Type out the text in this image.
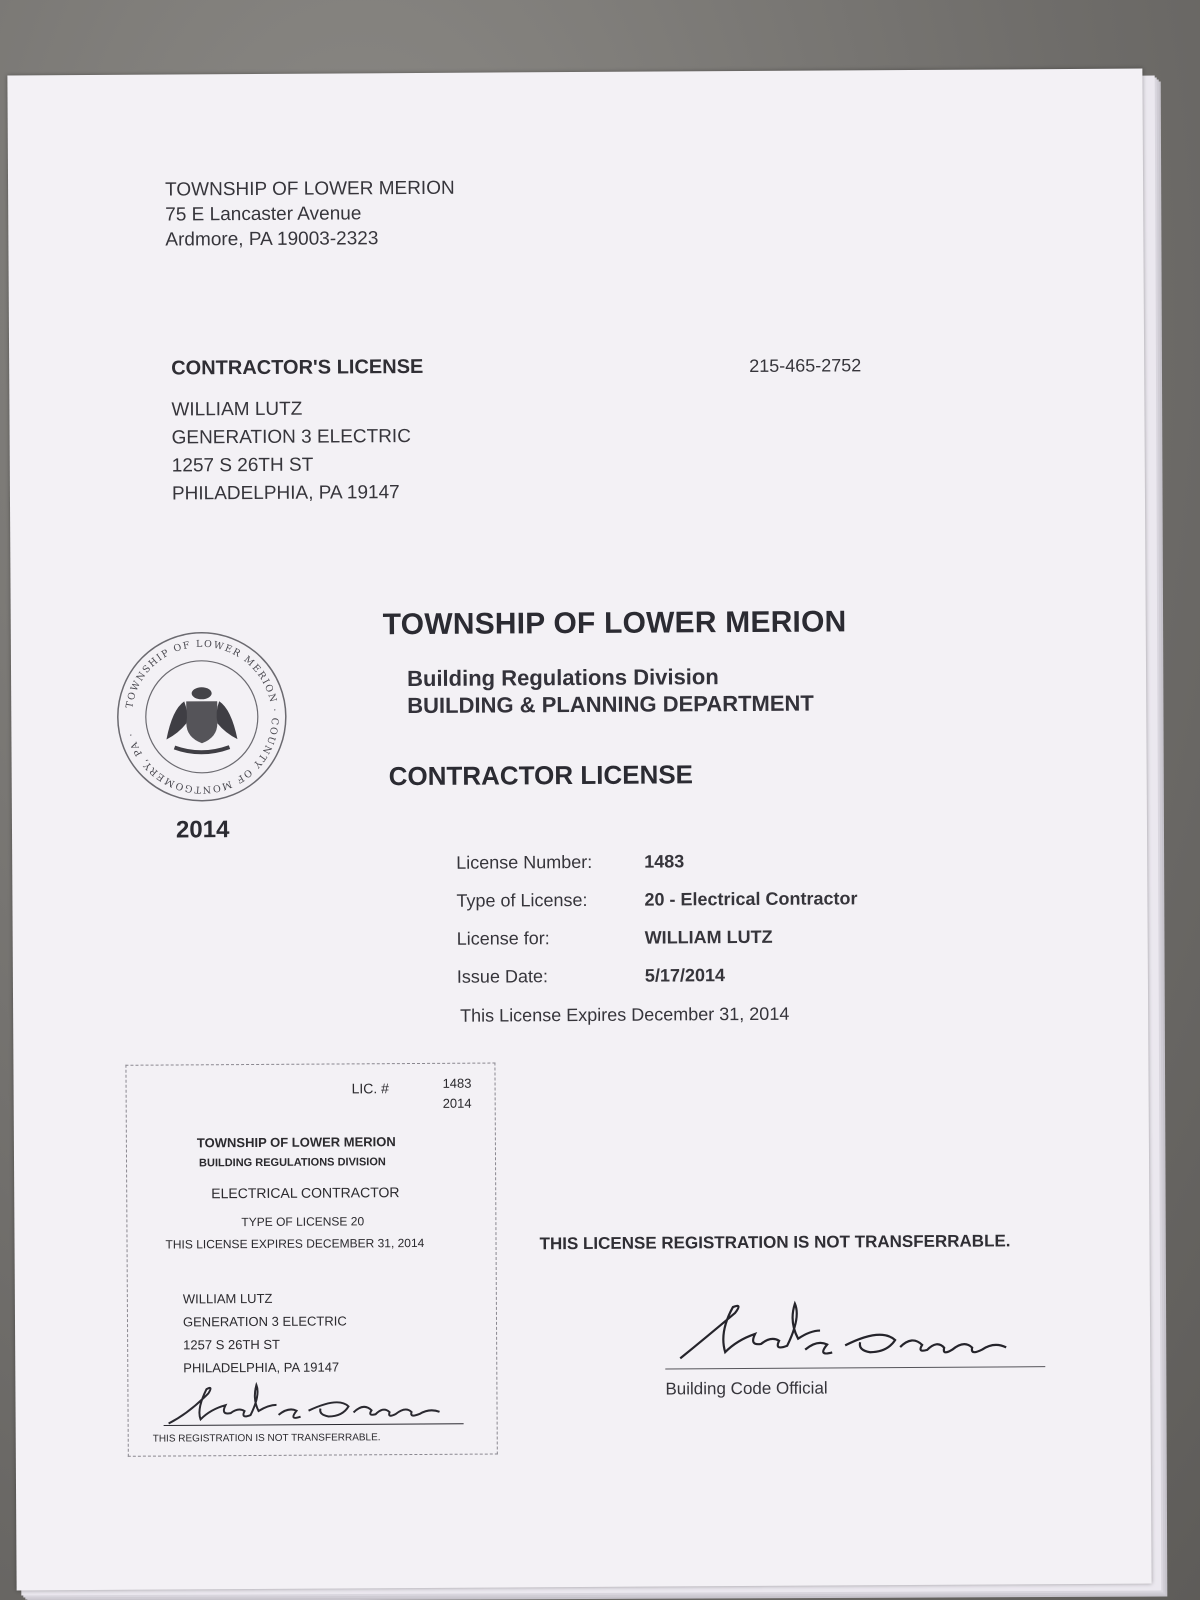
TOWNSHIP OF LOWER MERION
75 E Lancaster Avenue
Ardmore, PA 19003-2323
CONTRACTOR'S LICENSE
WILLIAM LUTZ
GENERATION 3 ELECTRIC
1257 S 26TH ST
PHILADELPHIA, PA 19147
215-465-2752
TOWNSHIP OF LOWER MERION · COUNTY OF MONTGOMERY, PA ·
TOWNSHIP OF LOWER MERION
Building Regulations Division
BUILDING & PLANNING DEPARTMENT
CONTRACTOR LICENSE
2014
License Number:	1483
Type of License:	20 - Electrical Contractor
License for:	WILLIAM LUTZ
Issue Date:	5/17/2014
This License Expires December 31, 2014
LIC. #	1483
2014
TOWNSHIP OF LOWER MERION
BUILDING REGULATIONS DIVISION
ELECTRICAL CONTRACTOR
TYPE OF LICENSE 20
THIS LICENSE EXPIRES DECEMBER 31, 2014
WILLIAM LUTZ
GENERATION 3 ELECTRIC
1257 S 26TH ST
PHILADELPHIA, PA 19147
THIS REGISTRATION IS NOT TRANSFERRABLE.
THIS LICENSE REGISTRATION IS NOT TRANSFERRABLE.
Building Code Official
